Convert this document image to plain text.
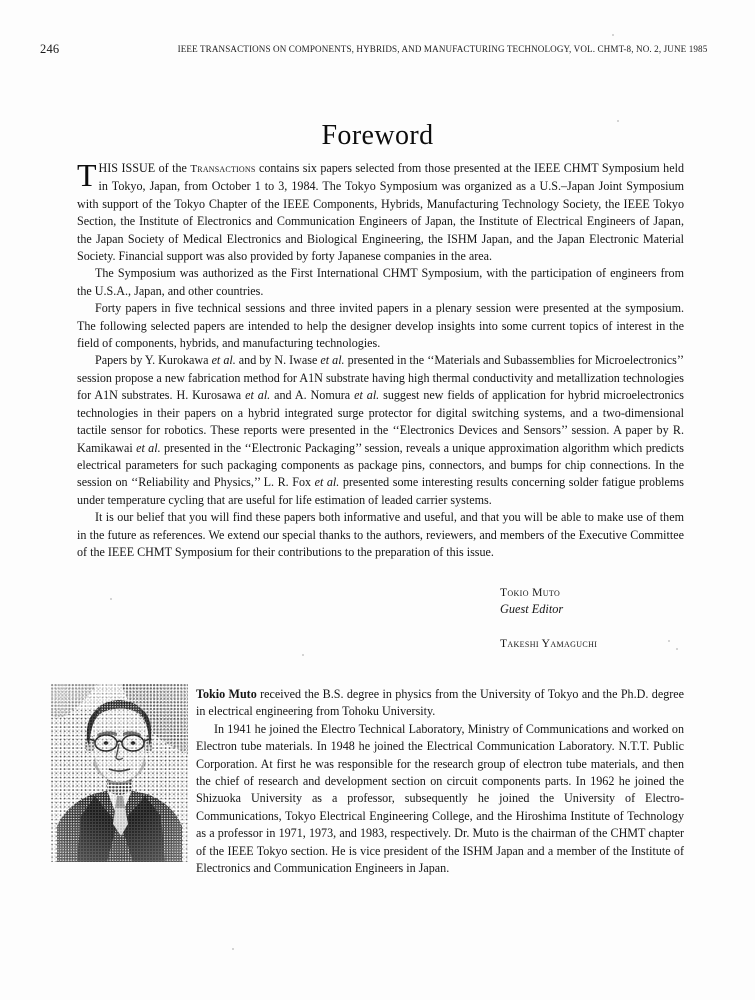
246	IEEE TRANSACTIONS ON COMPONENTS, HYBRIDS, AND MANUFACTURING TECHNOLOGY, VOL. CHMT-8, NO. 2, JUNE 1985
Foreword

THIS ISSUE of the Transactions contains six papers selected from those presented at the IEEE CHMT Symposium held in Tokyo, Japan, from October 1 to 3, 1984. The Tokyo Symposium was organized as a U.S.–Japan Joint Symposium with support of the Tokyo Chapter of the IEEE Components, Hybrids, Manufacturing Technology Society, the IEEE Tokyo Section, the Institute of Electronics and Communication Engineers of Japan, the Institute of Electrical Engineers of Japan, the Japan Society of Medical Electronics and Biological Engineering, the ISHM Japan, and the Japan Electronic Material Society. Financial support was also provided by forty Japanese companies in the area.

The Symposium was authorized as the First International CHMT Symposium, with the participation of engineers from the U.S.A., Japan, and other countries.

Forty papers in five technical sessions and three invited papers in a plenary session were presented at the symposium. The following selected papers are intended to help the designer develop insights into some current topics of interest in the field of components, hybrids, and manufacturing technologies.

Papers by Y. Kurokawa et al. and by N. Iwase et al. presented in the ‘‘Materials and Subassemblies for Microelectronics’’ session propose a new fabrication method for A1N substrate having high thermal conductivity and metallization technologies for A1N substrates. H. Kurosawa et al. and A. Nomura et al. suggest new fields of application for hybrid microelectronics technologies in their papers on a hybrid integrated surge protector for digital switching systems, and a two-dimensional tactile sensor for robotics. These reports were presented in the ‘‘Electronics Devices and Sensors’’ session. A paper by R. Kamikawai et al. presented in the ‘‘Electronic Packaging’’ session, reveals a unique approximation algorithm which predicts electrical parameters for such packaging components as package pins, connectors, and bumps for chip connections. In the session on ‘‘Reliability and Physics,’’ L. R. Fox et al. presented some interesting results concerning solder fatigue problems under temperature cycling that are useful for life estimation of leaded carrier systems.

It is our belief that you will find these papers both informative and useful, and that you will be able to make use of them in the future as references. We extend our special thanks to the authors, reviewers, and members of the Executive Committee of the IEEE CHMT Symposium for their contributions to the preparation of this issue.

Tokio Muto
Guest Editor
Takeshi Yamaguchi

Tokio Muto received the B.S. degree in physics from the University of Tokyo and the Ph.D. degree in electrical engineering from Tohoku University.

In 1941 he joined the Electro Technical Laboratory, Ministry of Communications and worked on Electron tube materials. In 1948 he joined the Electrical Communication Laboratory. N.T.T. Public Corporation. At first he was responsible for the research group of electron tube materials, and then the chief of research and development section on circuit components parts. In 1962 he joined the Shizuoka University as a professor, subsequently he joined the University of Electro-Communications, Tokyo Electrical Engineering College, and the Hiroshima Institute of Technology as a professor in 1971, 1973, and 1983, respectively. Dr. Muto is the chairman of the CHMT chapter of the IEEE Tokyo section. He is vice president of the ISHM Japan and a member of the Institute of Electronics and Communication Engineers in Japan.
